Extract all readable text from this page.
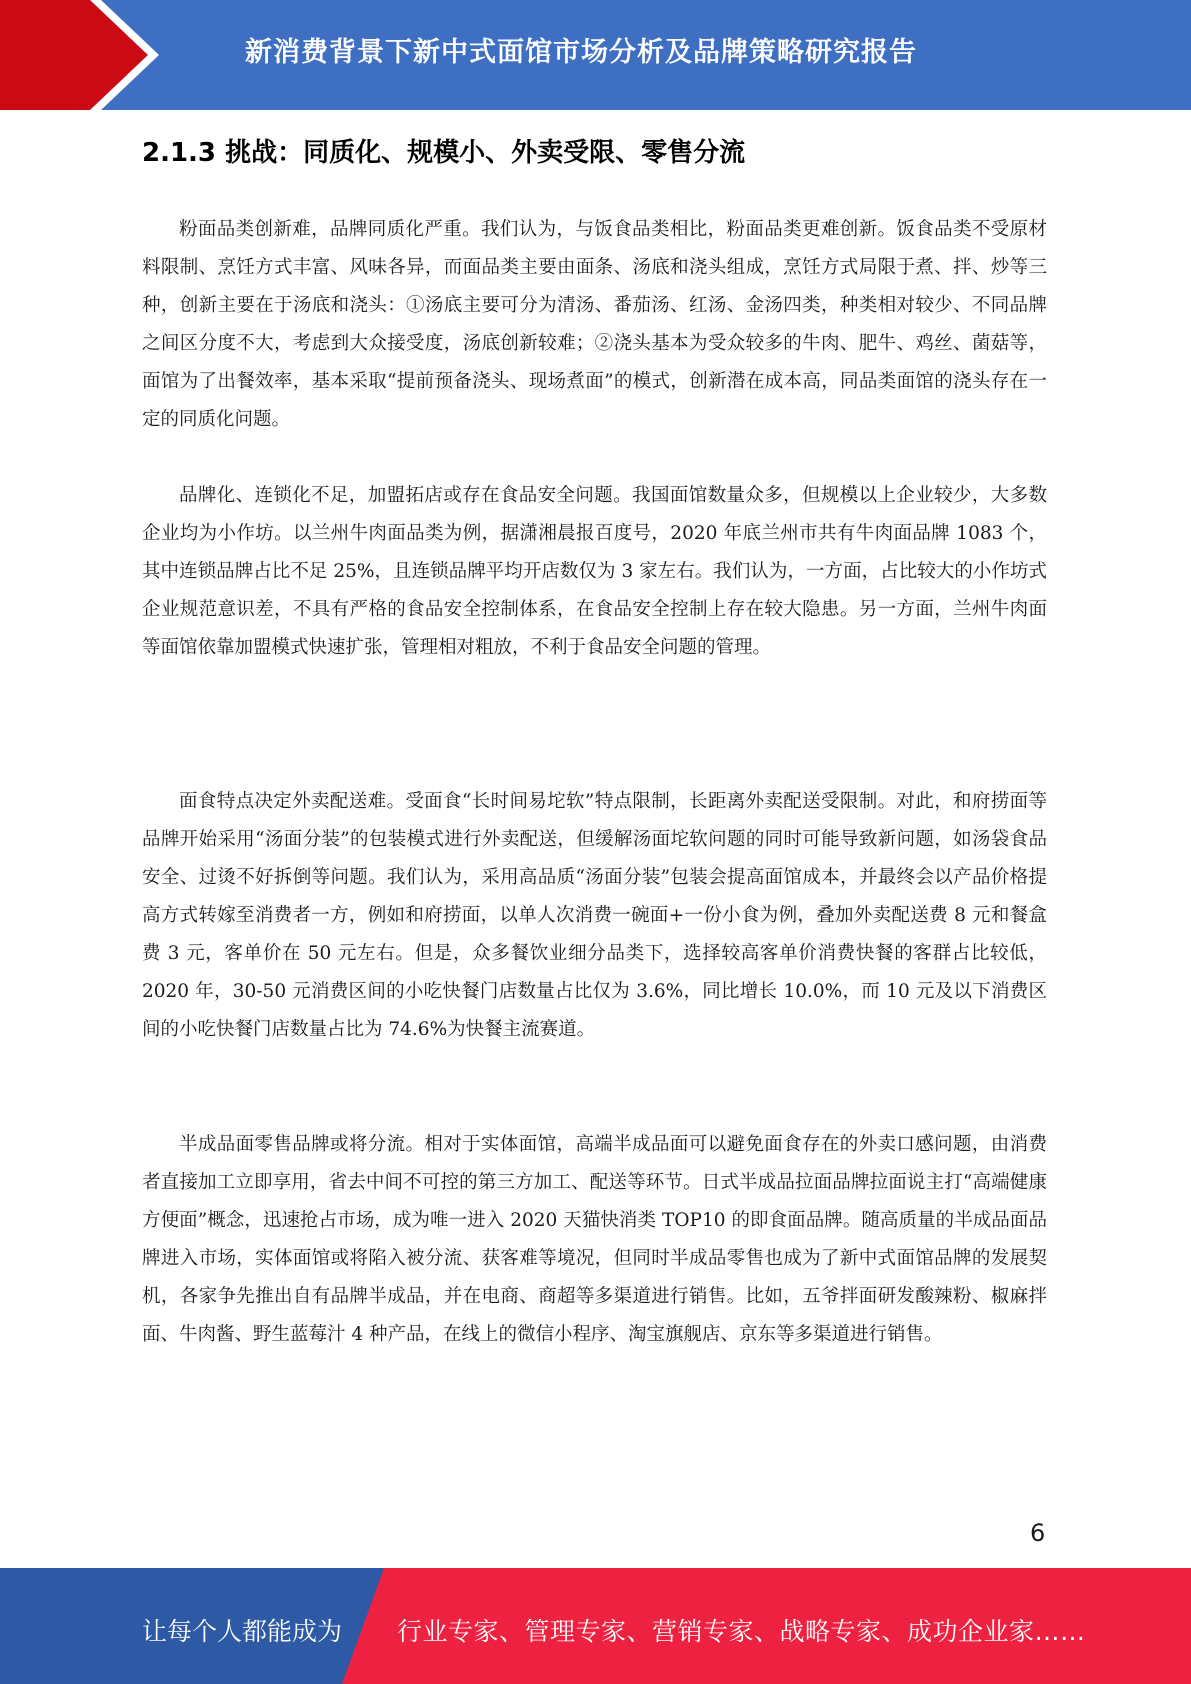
新消费背景下新中式面馆市场分析及品牌策略研究报告
2.1.3 挑战：同质化、规模小、外卖受限、零售分流

粉面品类创新难，品牌同质化严重。我们认为，与饭食品类相比，粉面品类更难创新。饭食品类不受原材料限制、烹饪方式丰富、风味各异，而面品类主要由面条、汤底和浇头组成，烹饪方式局限于煮、拌、炒等三种，创新主要在于汤底和浇头：①汤底主要可分为清汤、番茄汤、红汤、金汤四类，种类相对较少、不同品牌之间区分度不大，考虑到大众接受度，汤底创新较难；②浇头基本为受众较多的牛肉、肥牛、鸡丝、菌菇等，面馆为了出餐效率，基本采取“提前预备浇头、现场煮面”的模式，创新潜在成本高，同品类面馆的浇头存在一定的同质化问题。

品牌化、连锁化不足，加盟拓店或存在食品安全问题。我国面馆数量众多，但规模以上企业较少，大多数企业均为小作坊。以兰州牛肉面品类为例，据潇湘晨报百度号，2020 年底兰州市共有牛肉面品牌 1083 个，其中连锁品牌占比不足 25%，且连锁品牌平均开店数仅为 3 家左右。我们认为，一方面，占比较大的小作坊式企业规范意识差，不具有严格的食品安全控制体系，在食品安全控制上存在较大隐患。另一方面，兰州牛肉面等面馆依靠加盟模式快速扩张，管理相对粗放，不利于食品安全问题的管理。

面食特点决定外卖配送难。受面食“长时间易坨软”特点限制，长距离外卖配送受限制。对此，和府捞面等品牌开始采用“汤面分装”的包装模式进行外卖配送，但缓解汤面坨软问题的同时可能导致新问题，如汤袋食品安全、过烫不好拆倒等问题。我们认为，采用高品质“汤面分装”包装会提高面馆成本，并最终会以产品价格提高方式转嫁至消费者一方，例如和府捞面，以单人次消费一碗面+一份小食为例，叠加外卖配送费 8 元和餐盒费 3 元，客单价在 50 元左右。但是，众多餐饮业细分品类下，选择较高客单价消费快餐的客群占比较低，2020 年，30-50 元消费区间的小吃快餐门店数量占比仅为 3.6%，同比增长 10.0%，而 10 元及以下消费区间的小吃快餐门店数量占比为 74.6%为快餐主流赛道。

半成品面零售品牌或将分流。相对于实体面馆，高端半成品面可以避免面食存在的外卖口感问题，由消费者直接加工立即享用，省去中间不可控的第三方加工、配送等环节。日式半成品拉面品牌拉面说主打“高端健康方便面”概念，迅速抢占市场，成为唯一进入 2020 天猫快消类 TOP10 的即食面品牌。随高质量的半成品面品牌进入市场，实体面馆或将陷入被分流、获客难等境况，但同时半成品零售也成为了新中式面馆品牌的发展契机，各家争先推出自有品牌半成品，并在电商、商超等多渠道进行销售。比如，五爷拌面研发酸辣粉、椒麻拌面、牛肉酱、野生蓝莓汁 4 种产品，在线上的微信小程序、淘宝旗舰店、京东等多渠道进行销售。

6
让每个人都能成为 行业专家、管理专家、营销专家、战略专家、成功企业家……
